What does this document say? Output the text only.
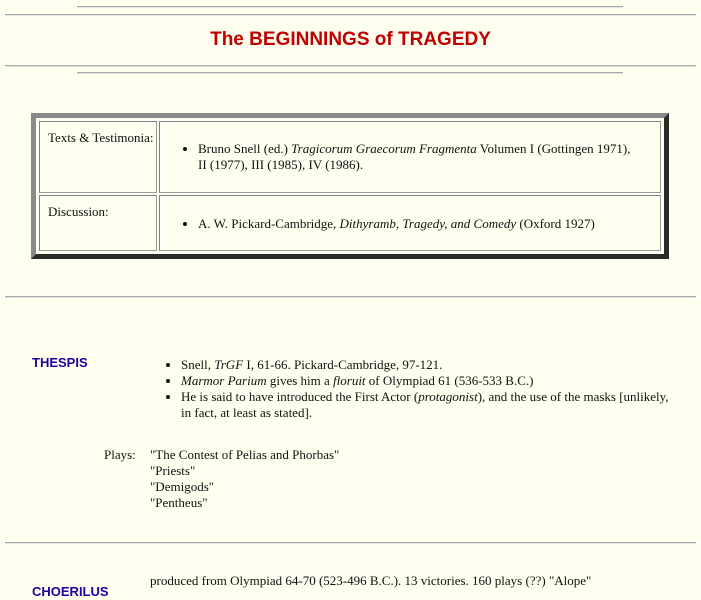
The BEGINNINGS of TRAGEDY
Texts & Testimonia:
• Bruno Snell (ed.) Tragicorum Graecorum Fragmenta Volumen I (Gottingen 1971), II (1977), III (1985), IV (1986).
Discussion:
• A. W. Pickard-Cambridge, Dithyramb, Tragedy, and Comedy (Oxford 1927)
THESPIS	• Snell, TrGF I, 61-66. Pickard-Cambridge, 97-121.
• Marmor Parium gives him a floruit of Olympiad 61 (536-533 B.C.)
• He is said to have introduced the First Actor (protagonist), and the use of the masks [unlikely, in fact, at least as stated].
Plays: "The Contest of Pelias and Phorbas"
"Priests"
"Demigods"
"Pentheus"
CHOERILUS
produced from Olympiad 64-70 (523-496 B.C.). 13 victories. 160 plays (??) "Alope"
